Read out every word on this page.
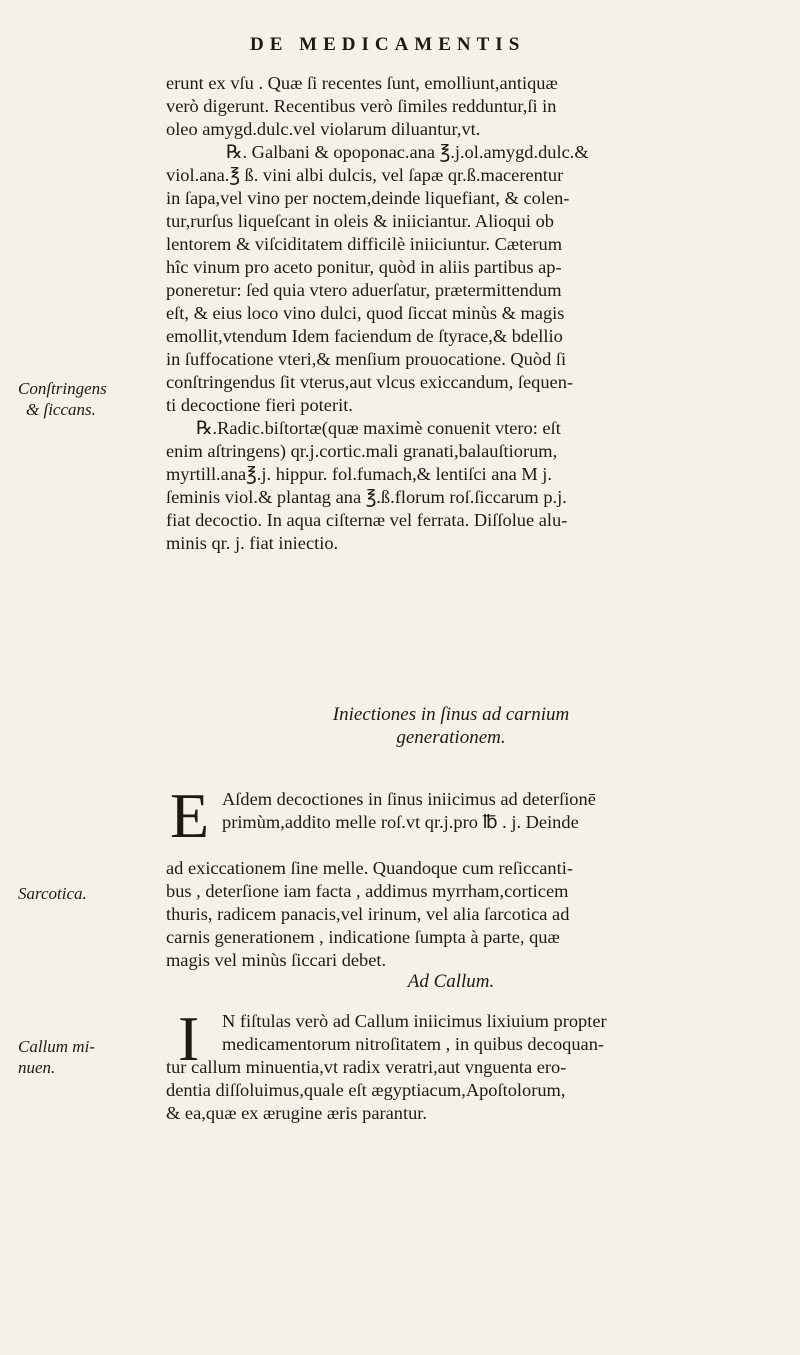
DE MEDICAMENTIS
erunt ex vſu . Quæ ſi recentes ſunt, emolliunt,antiquæ
verò digerunt. Recentibus verò ſimiles redduntur,ſi in
oleo amygd.dulc.vel violarum diluantur,vt.
℞. Galbani & opoponac.ana ℥.j.ol.amygd.dulc.&
viol.ana.℥ ß. vini albi dulcis, vel ſapæ qr.ß.macerentur
in ſapa,vel vino per noctem,deinde liquefiant, & colen-
tur,rurſus liqueſcant in oleis & iniiciantur. Alioqui ob
lentorem & viſciditatem difficilè iniiciuntur. Cæterum
hîc vinum pro aceto ponitur, quòd in aliis partibus ap-
poneretur: ſed quia vtero aduerſatur, prætermittendum
eſt, & eius loco vino dulci, quod ſiccat minùs & magis
emollit,vtendum Idem faciendum de ſtyrace,& bdellio
in ſuffocatione vteri,& menſium prouocatione. Quòd ſi
conſtringendus ſit vterus,aut vlcus exiccandum, ſequen-
ti decoctione fieri poterit.
℞.Radic.biſtortæ(quæ maximè conuenit vtero: eſt
enim aſtringens) qr.j.cortic.mali granati,balauſtiorum,
myrtill.ana℥.j. hippur. fol.fumach,& lentiſci ana M j.
ſeminis viol.& plantag ana ℥.ß.florum roſ.ſiccarum p.j.
fiat decoctio. In aqua ciſternæ vel ferrata. Diſſolue alu-
minis qr. j. fiat iniectio.
Conſtringens
& ſiccans.
Iniectiones in ſinus ad carnium
generationem.
E Aſdem decoctiones in ſinus iniicimus ad deterſionē
primùm,addito melle roſ.vt qr.j.pro ℔ . j. Deinde
ad exiccationem ſine melle. Quandoque cum reſiccanti-
bus , deterſione iam facta , addimus myrrham,corticem
thuris, radicem panacis,vel irinum, vel alia ſarcotica ad
carnis generationem , indicatione ſumpta à parte, quæ
magis vel minùs ſiccari debet.
Sarcotica.
Ad Callum.
I N fiſtulas verò ad Callum iniicimus lixiuium propter
medicamentorum nitroſitatem , in quibus decoquan-
tur callum minuentia,vt radix veratri,aut vnguenta ero-
dentia diſſoluimus,quale eſt ægyptiacum,Apoſtolorum,
& ea,quæ ex ærugine æris parantur.
Callum mi-
nuen.
